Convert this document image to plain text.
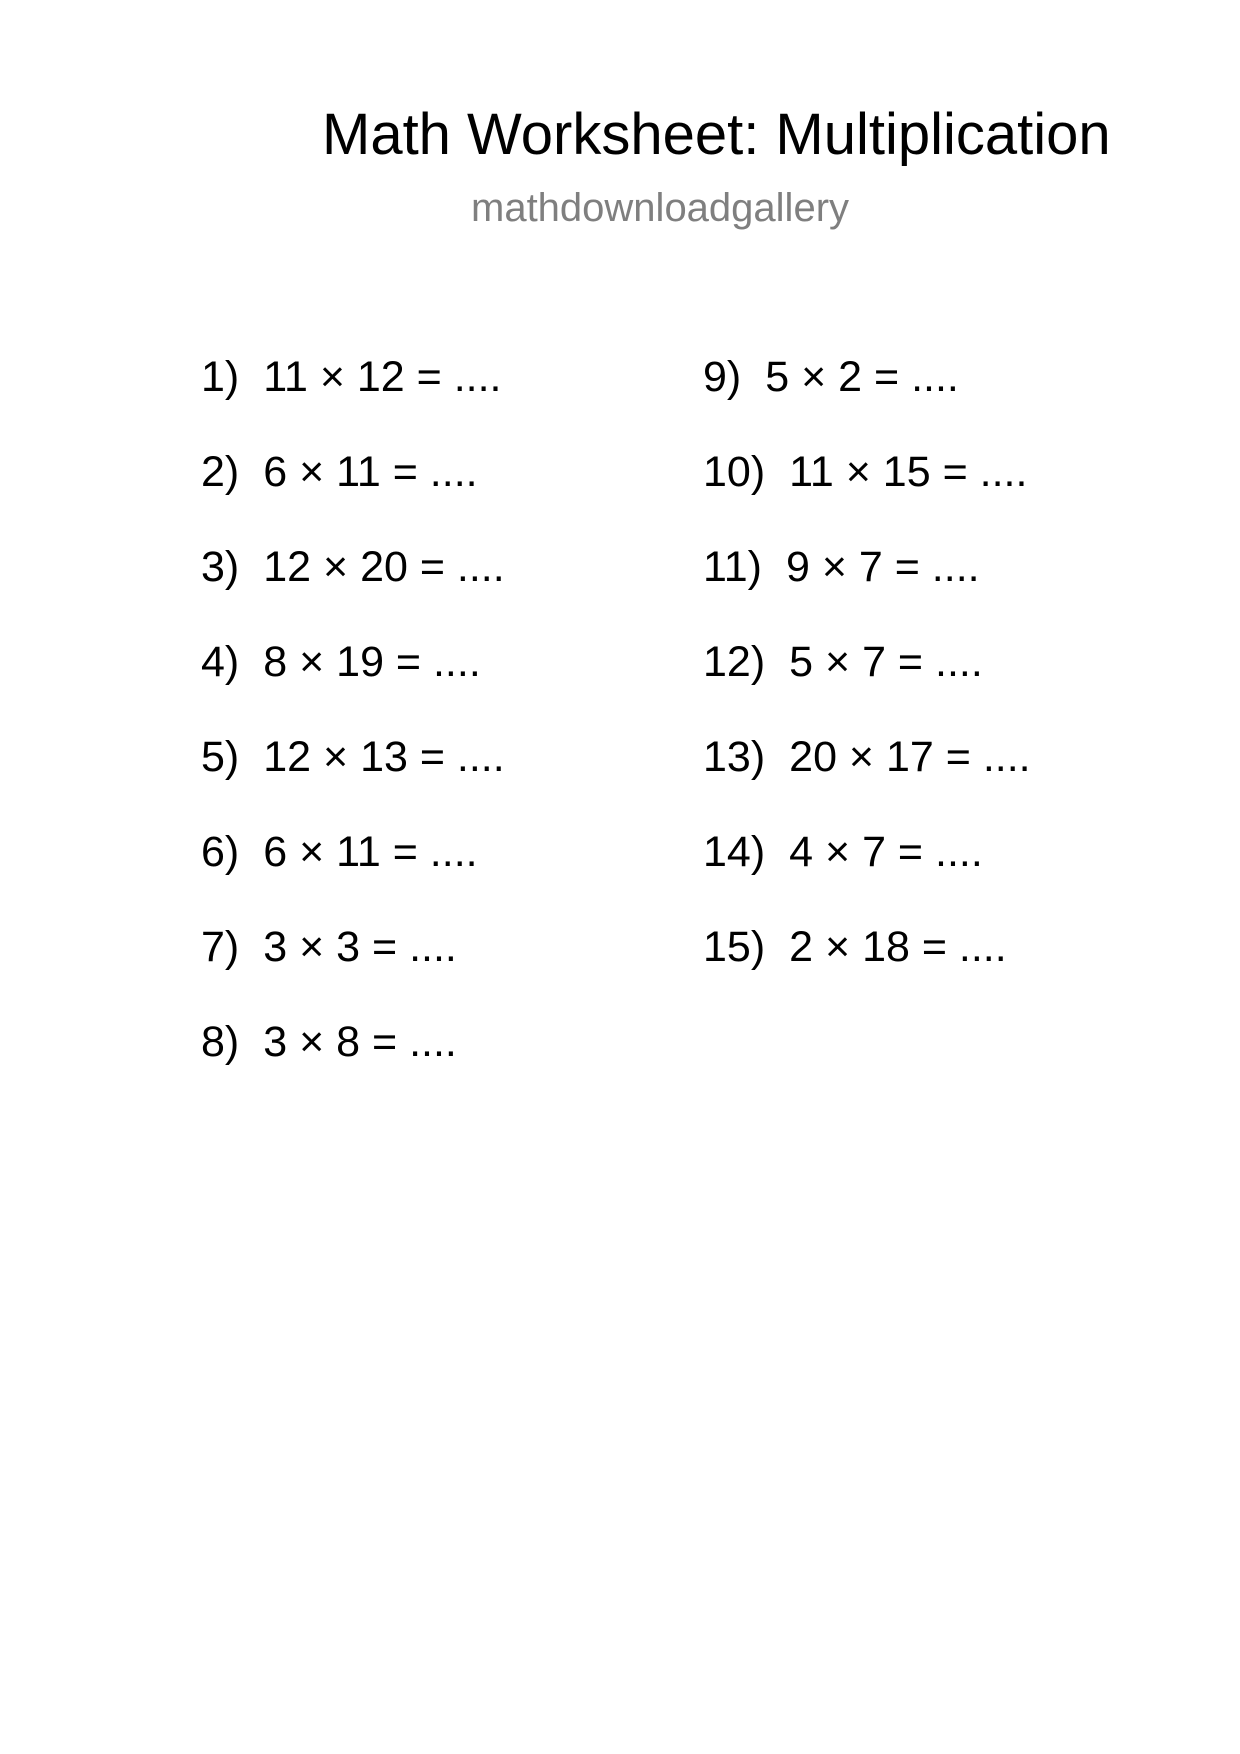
Math Worksheet: Multiplication
mathdownloadgallery
1) 11 × 12 = ....
2) 6 × 11 = ....
3) 12 × 20 = ....
4) 8 × 19 = ....
5) 12 × 13 = ....
6) 6 × 11 = ....
7) 3 × 3 = ....
8) 3 × 8 = ....
9) 5 × 2 = ....
10) 11 × 15 = ....
11) 9 × 7 = ....
12) 5 × 7 = ....
13) 20 × 17 = ....
14) 4 × 7 = ....
15) 2 × 18 = ....
